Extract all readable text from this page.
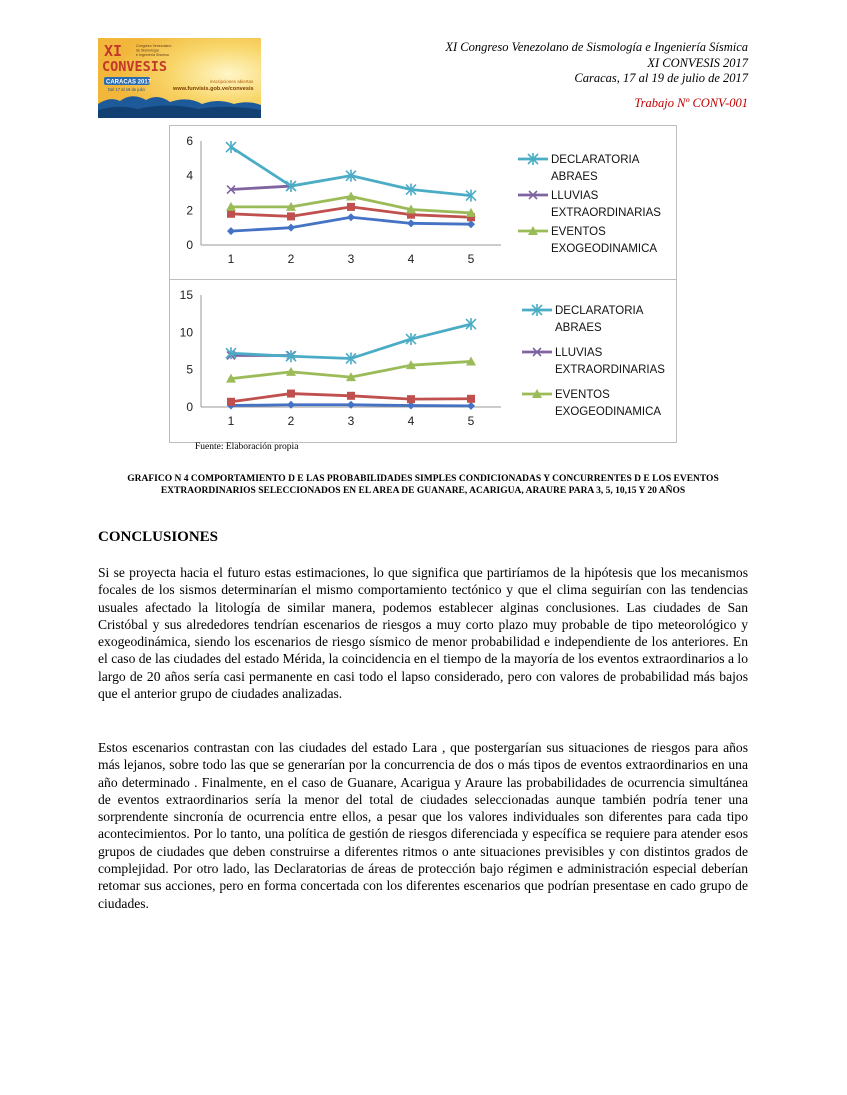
XI
CONVESIS
Congreso Venezolano
de Sismología
e Ingeniería Sísmica
CARACAS 2017
Del 17 al 19 de julio
inscripciones abiertas
www.funvisis.gob.ve/convesis
XI Congreso Venezolano de Sismología e Ingeniería Sísmica
XI CONVESIS 2017
Caracas, 17 al 19 de julio de 2017
Trabajo Nº CONV-001
0
2
4
6
1	2	3	4	5
DECLARATORIA
ABRAES
LLUVIAS
EXTRAORDINARIAS
EVENTOS
EXOGEODINAMICA
0
5
10
15
1	2	3	4	5
DECLARATORIA
ABRAES
LLUVIAS
EXTRAORDINARIAS
EVENTOS
EXOGEODINAMICA
Fuente: Elaboración propia
GRAFICO N 4 COMPORTAMIENTO D E LAS PROBABILIDADES SIMPLES CONDICIONADAS Y CONCURRENTES D E LOS EVENTOS EXTRAORDINARIOS SELECCIONADOS EN EL AREA DE GUANARE, ACARIGUA, ARAURE PARA 3, 5, 10,15 Y 20 AÑOS
CONCLUSIONES
Si se proyecta hacia el futuro estas estimaciones, lo que significa que partiríamos de la hipótesis que los mecanismos focales de los sismos determinarían el mismo comportamiento tectónico y que el clima seguirían con las tendencias usuales afectado la litología de similar manera, podemos establecer alginas conclusiones. Las ciudades de San Cristóbal y sus alrededores tendrían escenarios de riesgos a muy corto plazo muy probable de tipo meteorológico y exogeodinámica, siendo los escenarios de riesgo sísmico de menor probabilidad e independiente de los anteriores. En el caso de las ciudades del estado Mérida, la coincidencia en el tiempo de la mayoría de los eventos extraordinarios a lo largo de 20 años sería casi permanente en casi todo el lapso considerado, pero con valores de probabilidad más bajos que el anterior grupo de ciudades analizadas.
Estos escenarios contrastan con las ciudades del estado Lara , que postergarían sus situaciones de riesgos para años más lejanos, sobre todo las que se generarían por la concurrencia de dos o más tipos de eventos extraordinarios en una año determinado . Finalmente, en el caso de Guanare, Acarigua y Araure las probabilidades de ocurrencia simultánea de eventos extraordinarios sería la menor del total de ciudades seleccionadas aunque también podría tener una sorprendente sincronía de ocurrencia entre ellos, a pesar que los valores individuales son diferentes para cada tipo acontecimientos. Por lo tanto, una política de gestión de riesgos diferenciada y específica se requiere para atender esos grupos de ciudades que deben construirse a diferentes ritmos o ante situaciones previsibles y con distintos grados de complejidad. Por otro lado, las Declaratorias de áreas de protección bajo régimen e administración especial deberían retomar sus acciones, pero en forma concertada con los diferentes escenarios que podrían presentase en cado grupo de ciudades.
